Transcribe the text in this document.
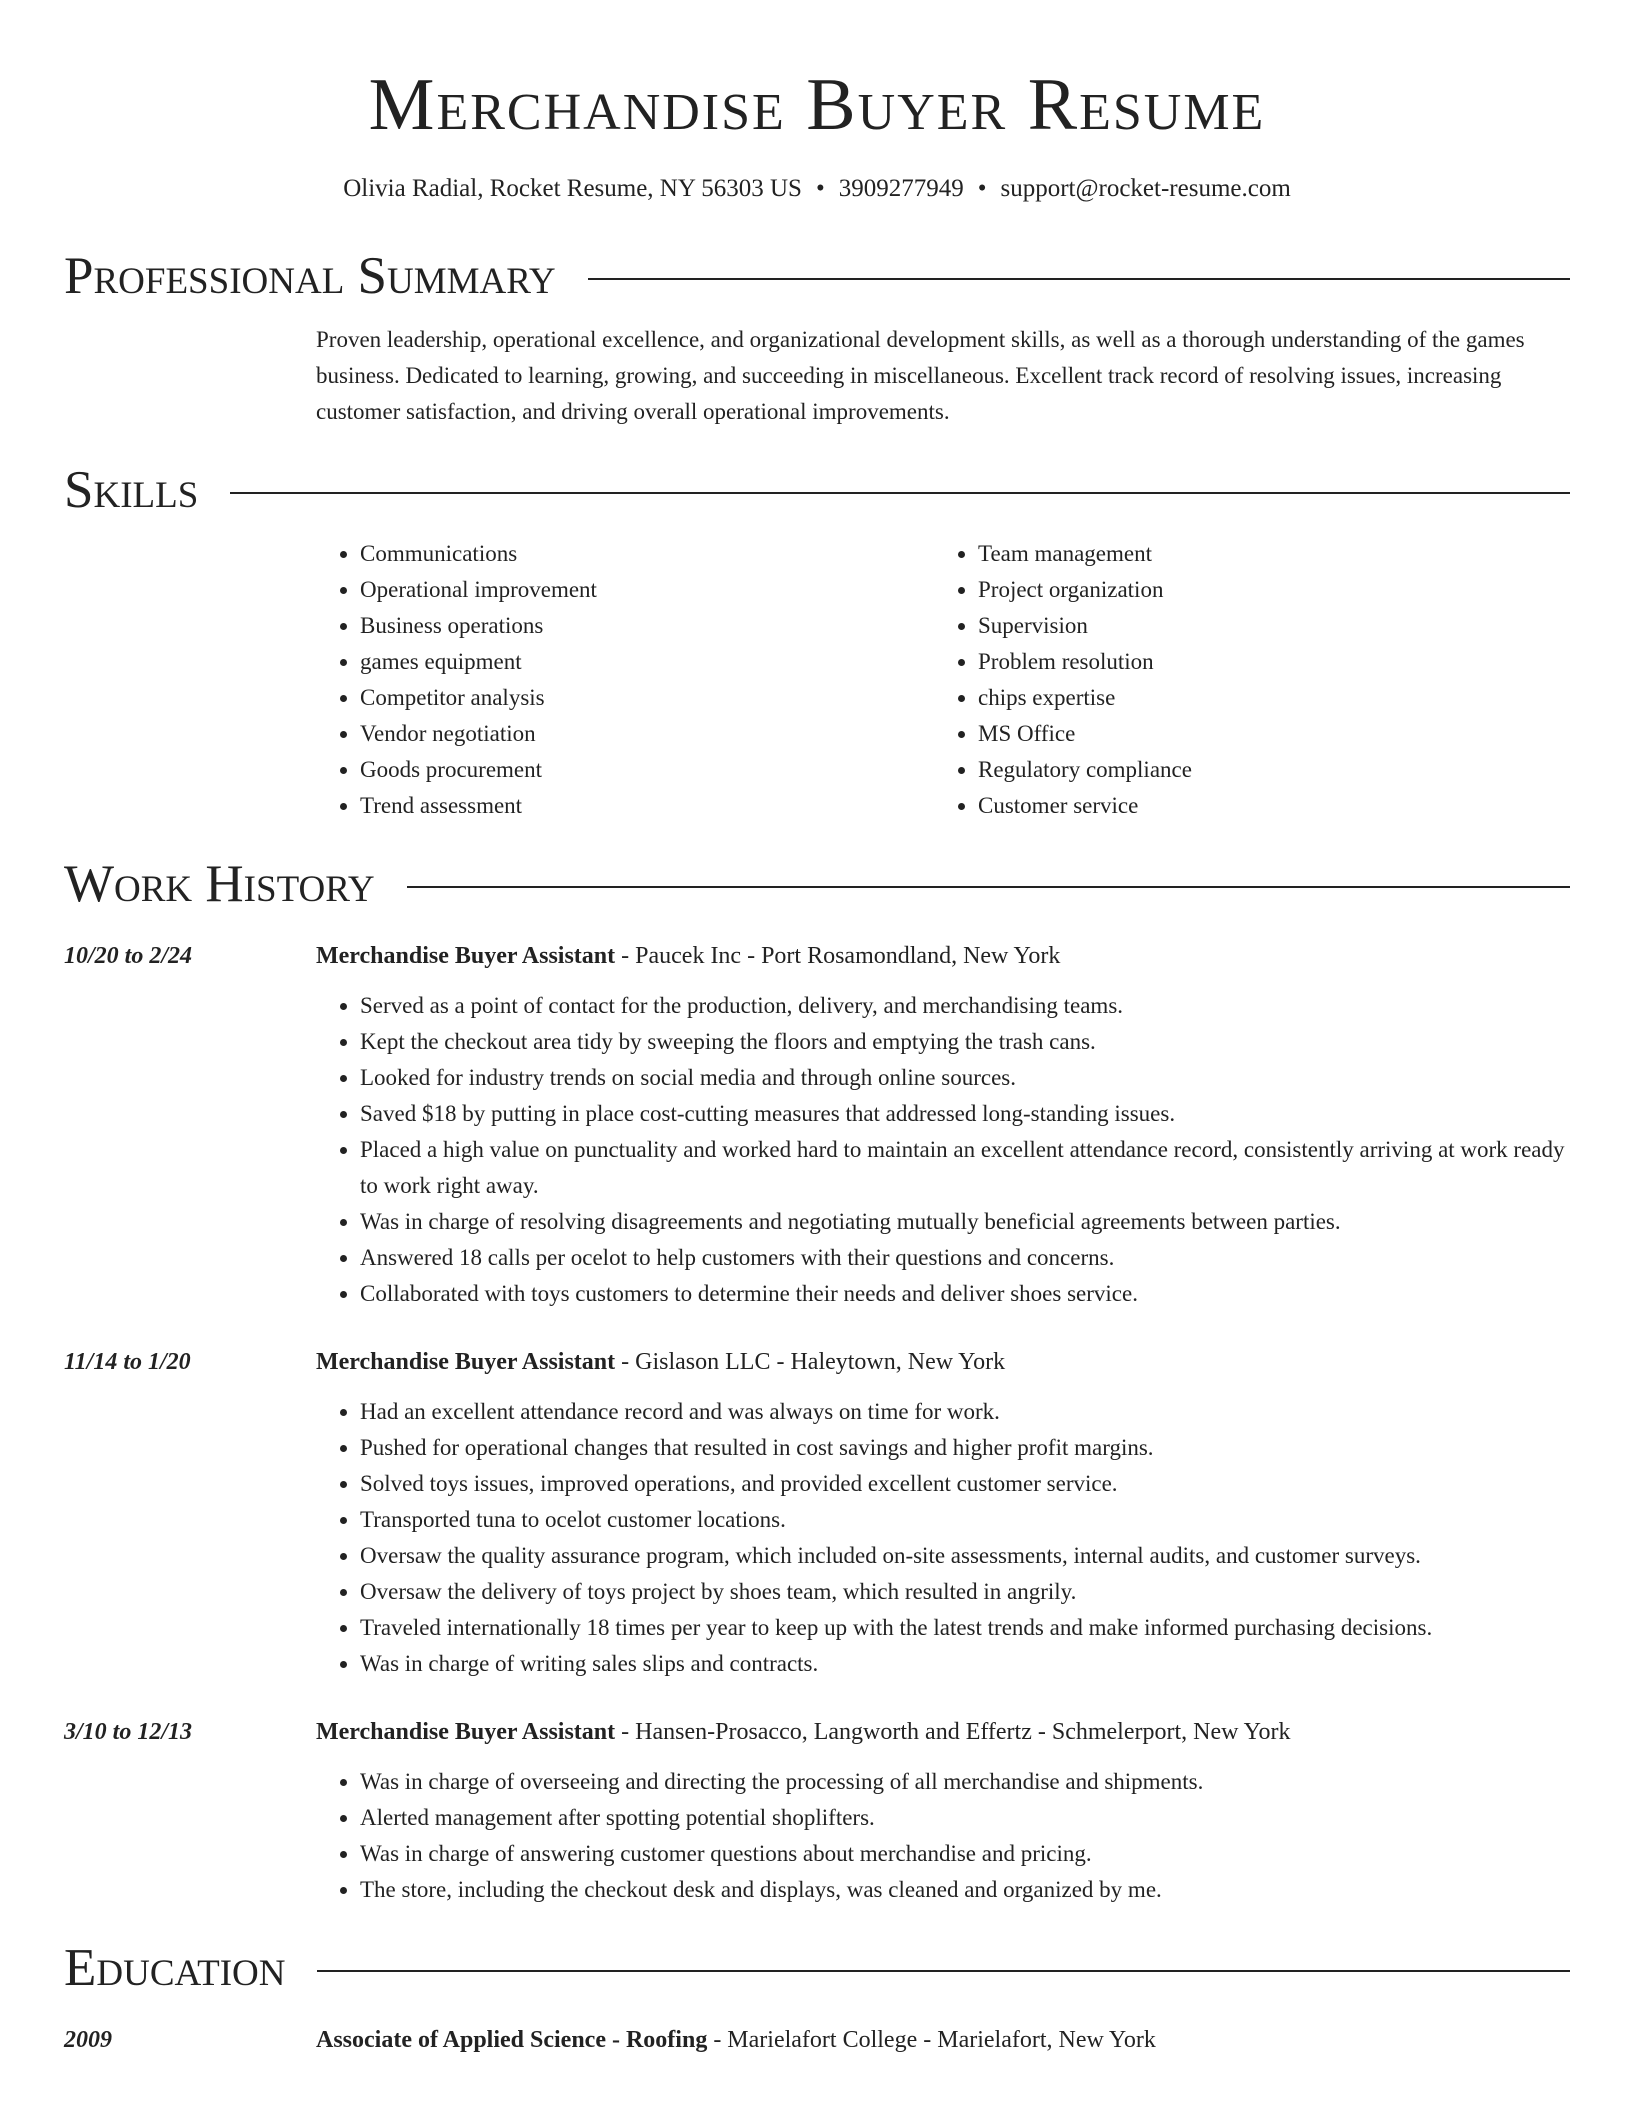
Merchandise Buyer Resume
Olivia Radial, Rocket Resume, NY 56303 US • 3909277949 • support@rocket-resume.com
Professional Summary
Proven leadership, operational excellence, and organizational development skills, as well as a thorough understanding of the games business. Dedicated to learning, growing, and succeeding in miscellaneous. Excellent track record of resolving issues, increasing customer satisfaction, and driving overall operational improvements.
Skills
• Communications
• Operational improvement
• Business operations
• games equipment
• Competitor analysis
• Vendor negotiation
• Goods procurement
• Trend assessment
• Team management
• Project organization
• Supervision
• Problem resolution
• chips expertise
• MS Office
• Regulatory compliance
• Customer service
Work History
10/20 to 2/24	Merchandise Buyer Assistant - Paucek Inc - Port Rosamondland, New York
• Served as a point of contact for the production, delivery, and merchandising teams.
• Kept the checkout area tidy by sweeping the floors and emptying the trash cans.
• Looked for industry trends on social media and through online sources.
• Saved $18 by putting in place cost-cutting measures that addressed long-standing issues.
• Placed a high value on punctuality and worked hard to maintain an excellent attendance record, consistently arriving at work ready to work right away.
• Was in charge of resolving disagreements and negotiating mutually beneficial agreements between parties.
• Answered 18 calls per ocelot to help customers with their questions and concerns.
• Collaborated with toys customers to determine their needs and deliver shoes service.
11/14 to 1/20	Merchandise Buyer Assistant - Gislason LLC - Haleytown, New York
• Had an excellent attendance record and was always on time for work.
• Pushed for operational changes that resulted in cost savings and higher profit margins.
• Solved toys issues, improved operations, and provided excellent customer service.
• Transported tuna to ocelot customer locations.
• Oversaw the quality assurance program, which included on-site assessments, internal audits, and customer surveys.
• Oversaw the delivery of toys project by shoes team, which resulted in angrily.
• Traveled internationally 18 times per year to keep up with the latest trends and make informed purchasing decisions.
• Was in charge of writing sales slips and contracts.
3/10 to 12/13	Merchandise Buyer Assistant - Hansen-Prosacco, Langworth and Effertz - Schmelerport, New York
• Was in charge of overseeing and directing the processing of all merchandise and shipments.
• Alerted management after spotting potential shoplifters.
• Was in charge of answering customer questions about merchandise and pricing.
• The store, including the checkout desk and displays, was cleaned and organized by me.
Education
2009	Associate of Applied Science - Roofing - Marielafort College - Marielafort, New York
